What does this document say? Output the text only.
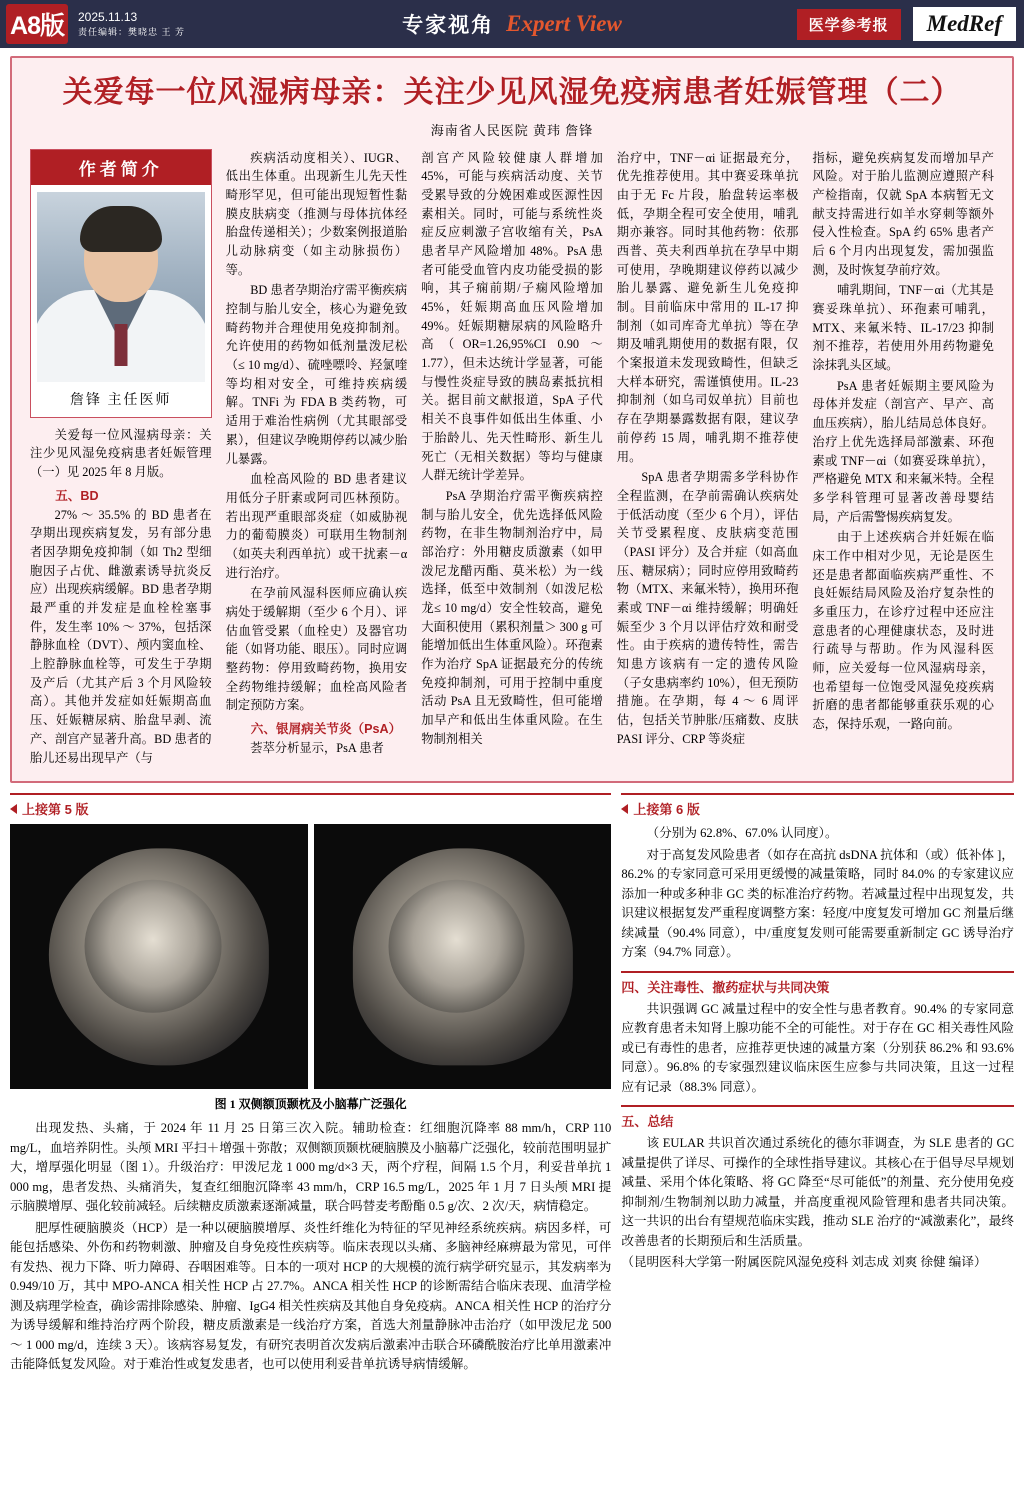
A8版	2025.11.13
责任编辑：樊晓忠 王 芳	专家视角 Expert View	医学参考报	MedRef
关爱每一位风湿病母亲：关注少见风湿免疫病患者妊娠管理（二）
海南省人民医院 黄玮 詹锋
作者简介
詹锋 主任医师

关爱每一位风湿病母亲：关注少见风湿免疫病患者妊娠管理（一）见 2025 年 8 月版。

五、BD

27% ～ 35.5% 的 BD 患者在孕期出现疾病复发，另有部分患者因孕期免疫抑制（如 Th2 型细胞因子占优、雌激素诱导抗炎反应）出现疾病缓解。BD 患者孕期最严重的并发症是血栓栓塞事件，发生率 10% ～ 37%，包括深静脉血栓（DVT）、颅内窦血栓、上腔静脉血栓等，可发生于孕期及产后（尤其产后 3 个月风险较高）。其他并发症如妊娠期高血压、妊娠糖尿病、胎盘早剥、流产、剖宫产显著升高。BD 患者的胎儿还易出现早产（与

疾病活动度相关）、IUGR、低出生体重。出现新生儿先天性畸形罕见，但可能出现短暂性黏膜皮肤病变（推测与母体抗体经胎盘传递相关）；少数案例报道胎儿动脉病变（如主动脉损伤）等。

BD 患者孕期治疗需平衡疾病控制与胎儿安全，核心为避免致畸药物并合理使用免疫抑制剂。允许使用的药物如低剂量泼尼松（≤ 10 mg/d）、硫唑嘌呤、羟氯喹等均相对安全，可维持疾病缓解。TNFi 为 FDA B 类药物，可适用于难治性病例（尤其眼部受累），但建议孕晚期停药以减少胎儿暴露。

血栓高风险的 BD 患者建议用低分子肝素或阿司匹林预防。若出现严重眼部炎症（如威胁视力的葡萄膜炎）可联用生物制剂（如英夫利西单抗）或干扰素－α 进行治疗。

在孕前风湿科医师应确认疾病处于缓解期（至少 6 个月）、评估血管受累（血栓史）及器官功能（如肾功能、眼压）。同时应调整药物：停用致畸药物，换用安全药物维持缓解；血栓高风险者制定预防方案。

六、银屑病关节炎（PsA）

荟萃分析显示，PsA 患者

剖宫产风险较健康人群增加 45%，可能与疾病活动度、关节受累导致的分娩困难或医源性因素相关。同时，可能与系统性炎症反应刺激子宫收缩有关，PsA 患者早产风险增加 48%。PsA 患者可能受血管内皮功能受损的影响，其子痫前期/子痫风险增加 45%，妊娠期高血压风险增加 49%。妊娠期糖尿病的风险略升高（OR=1.26,95%CI 0.90 ～ 1.77），但未达统计学显著，可能与慢性炎症导致的胰岛素抵抗相关。据目前文献报道，SpA 子代相关不良事件如低出生体重、小于胎龄儿、先天性畸形、新生儿死亡（无相关数据）等均与健康人群无统计学差异。

PsA 孕期治疗需平衡疾病控制与胎儿安全，优先选择低风险药物，在非生物制剂治疗中，局部治疗：外用糖皮质激素（如甲泼尼龙醋丙酯、莫米松）为一线选择，低至中效制剂（如泼尼松龙≤ 10 mg/d）安全性较高，避免大面积使用（累积剂量＞ 300 g 可能增加低出生体重风险）。环孢素作为治疗 SpA 证据最充分的传统免疫抑制剂，可用于控制中重度活动 PsA 且无致畸性，但可能增加早产和低出生体重风险。在生物制剂相关

治疗中，TNF－αi 证据最充分，优先推荐使用。其中赛妥珠单抗由于无 Fc 片段，胎盘转运率极低，孕期全程可安全使用，哺乳期亦兼容。同时其他药物：依那西普、英夫利西单抗在孕早中期可使用，孕晚期建议停药以减少胎儿暴露、避免新生儿免疫抑制。目前临床中常用的 IL-17 抑制剂（如司库奇尤单抗）等在孕期及哺乳期使用的数据有限，仅个案报道未发现致畸性，但缺乏大样本研究，需谨慎使用。IL-23 抑制剂（如乌司奴单抗）目前也存在孕期暴露数据有限，建议孕前停药 15 周，哺乳期不推荐使用。

SpA 患者孕期需多学科协作全程监测，在孕前需确认疾病处于低活动度（至少 6 个月），评估关节受累程度、皮肤病变范围（PASI 评分）及合并症（如高血压、糖尿病）；同时应停用致畸药物（MTX、来氟米特），换用环孢素或 TNF－αi 维持缓解；明确妊娠至少 3 个月以评估疗效和耐受性。由于疾病的遗传特性，需告知患方该病有一定的遗传风险（子女患病率约 10%），但无预防措施。在孕期，每 4 ～ 6 周评估，包括关节肿胀/压痛数、皮肤 PASI 评分、CRP 等炎症

指标，避免疾病复发而增加早产风险。对于胎儿监测应遵照产科产检指南，仅就 SpA 本病暂无文献支持需进行如羊水穿刺等额外侵入性检查。SpA 约 65% 患者产后 6 个月内出现复发，需加强监测，及时恢复孕前疗效。

哺乳期间，TNF－αi（尤其是赛妥珠单抗）、环孢素可哺乳，MTX、来氟米特、IL-17/23 抑制剂不推荐，若使用外用药物避免涂抹乳头区域。

PsA 患者妊娠期主要风险为母体并发症（剖宫产、早产、高血压疾病），胎儿结局总体良好。治疗上优先选择局部激素、环孢素或 TNF－αi（如赛妥珠单抗），严格避免 MTX 和来氟米特。全程多学科管理可显著改善母婴结局，产后需警惕疾病复发。

由于上述疾病合并妊娠在临床工作中相对少见，无论是医生还是患者都面临疾病严重性、不良妊娠结局风险及治疗复杂性的多重压力，在诊疗过程中还应注意患者的心理健康状态，及时进行疏导与帮助。作为风湿科医师，应关爱每一位风湿病母亲，也希望每一位饱受风湿免疫疾病折磨的患者都能够重获乐观的心态，保持乐观，一路向前。

上接第 5 版
图 1 双侧额顶颞枕及小脑幕广泛强化

出现发热、头痛，于 2024 年 11 月 25 日第三次入院。辅助检查：红细胞沉降率 88 mm/h，CRP 110 mg/L，血培养阴性。头颅 MRI 平扫＋增强＋弥散；双侧额顶颞枕硬脑膜及小脑幕广泛强化，较前范围明显扩大，增厚强化明显（图 1）。升级治疗：甲泼尼龙 1 000 mg/d×3 天，两个疗程，间隔 1.5 个月，利妥昔单抗 1 000 mg，患者发热、头痛消失，复查红细胞沉降率 43 mm/h，CRP 16.5 mg/L，2025 年 1 月 7 日头颅 MRI 提示脑膜增厚、强化较前减轻。后续糖皮质激素逐渐减量，联合吗替麦考酚酯 0.5 g/次、2 次/天，病情稳定。

肥厚性硬脑膜炎（HCP）是一种以硬脑膜增厚、炎性纤维化为特征的罕见神经系统疾病。病因多样，可能包括感染、外伤和药物刺激、肿瘤及自身免疫性疾病等。临床表现以头痛、多脑神经麻痹最为常见，可伴有发热、视力下降、听力障碍、吞咽困难等。日本的一项对 HCP 的大规模的流行病学研究显示，其发病率为 0.949/10 万，其中 MPO-ANCA 相关性 HCP 占 27.7%。ANCA 相关性 HCP 的诊断需结合临床表现、血清学检测及病理学检查，确诊需排除感染、肿瘤、IgG4 相关性疾病及其他自身免疫病。ANCA 相关性 HCP 的治疗分为诱导缓解和维持治疗两个阶段，糖皮质激素是一线治疗方案，首选大剂量静脉冲击治疗（如甲泼尼龙 500 ～ 1 000 mg/d，连续 3 天）。该病容易复发，有研究表明首次发病后激素冲击联合环磷酰胺治疗比单用激素冲击能降低复发风险。对于难治性或复发患者，也可以使用利妥昔单抗诱导病情缓解。

上接第 6 版

（分别为 62.8%、67.0% 认同度）。

对于高复发风险患者（如存在高抗 dsDNA 抗体和（或）低补体 ]，86.2% 的专家同意可采用更缓慢的减量策略，同时 84.0% 的专家建议应添加一种或多种非 GC 类的标准治疗药物。若减量过程中出现复发，共识建议根据复发严重程度调整方案：轻度/中度复发可增加 GC 剂量后继续减量（90.4% 同意），中/重度复发则可能需要重新制定 GC 诱导治疗方案（94.7% 同意）。

四、关注毒性、撤药症状与共同决策

共识强调 GC 减量过程中的安全性与患者教育。90.4% 的专家同意应教育患者未知肾上腺功能不全的可能性。对于存在 GC 相关毒性风险或已有毒性的患者，应推荐更快速的减量方案（分别获 86.2% 和 93.6% 同意）。96.8% 的专家强烈建议临床医生应参与共同决策，且这一过程应有记录（88.3% 同意）。

五、总结

该 EULAR 共识首次通过系统化的德尔菲调查，为 SLE 患者的 GC 减量提供了详尽、可操作的全球性指导建议。其核心在于倡导尽早规划减量、采用个体化策略、将 GC 降至“尽可能低”的剂量、充分使用免疫抑制剂/生物制剂以助力减量，并高度重视风险管理和患者共同决策。这一共识的出台有望规范临床实践，推动 SLE 治疗的“减激素化”，最终改善患者的长期预后和生活质量。

（昆明医科大学第一附属医院风湿免疫科 刘志成 刘爽 徐健 编译）
